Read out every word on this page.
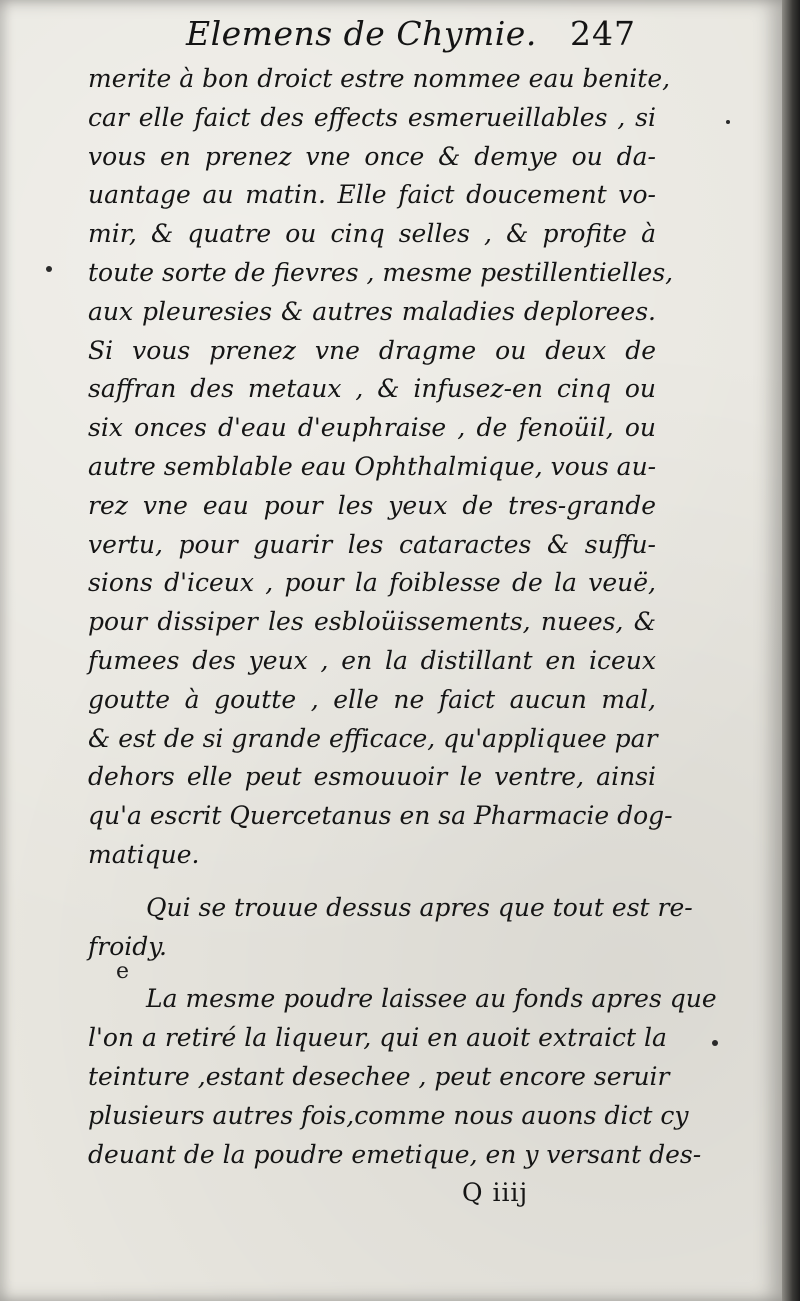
Elemens de Chymie. 247
merite à bon droict estre nommee eau benite,
car elle faict des effects esmerueillables , si
vous en prenez vne once & demye ou da-
uantage au matin. Elle faict doucement vo-
mir, & quatre ou cinq selles , & profite à
toute sorte de fievres , mesme pestillentielles,
aux pleuresies & autres maladies deplorees.
Si vous prenez vne dragme ou deux de
saffran des metaux , & infusez-en cinq ou
six onces d'eau d'euphraise , de fenoüil, ou
autre semblable eau Ophthalmique, vous au-
rez vne eau pour les yeux de tres-grande
vertu, pour guarir les cataractes & suffu-
sions d'iceux , pour la foiblesse de la veuë,
pour dissiper les esbloüissements, nuees, &
fumees des yeux , en la distillant en iceux
goutte à goutte , elle ne faict aucun mal,
& est de si grande efficace, qu'appliquee par
dehors elle peut esmouuoir le ventre, ainsi
qu'a escrit Quercetanus en sa Pharmacie dog-
matique.
Qui se trouue dessus apres que tout est re-
froidy.
La mesme poudre laissee au fonds apres que
l'on a retiré la liqueur, qui en auoit extraict la
teinture ,estant desechee , peut encore seruir
plusieurs autres fois,comme nous auons dict cy
deuant de la poudre emetique, en y versant des-
e
Q iiij
